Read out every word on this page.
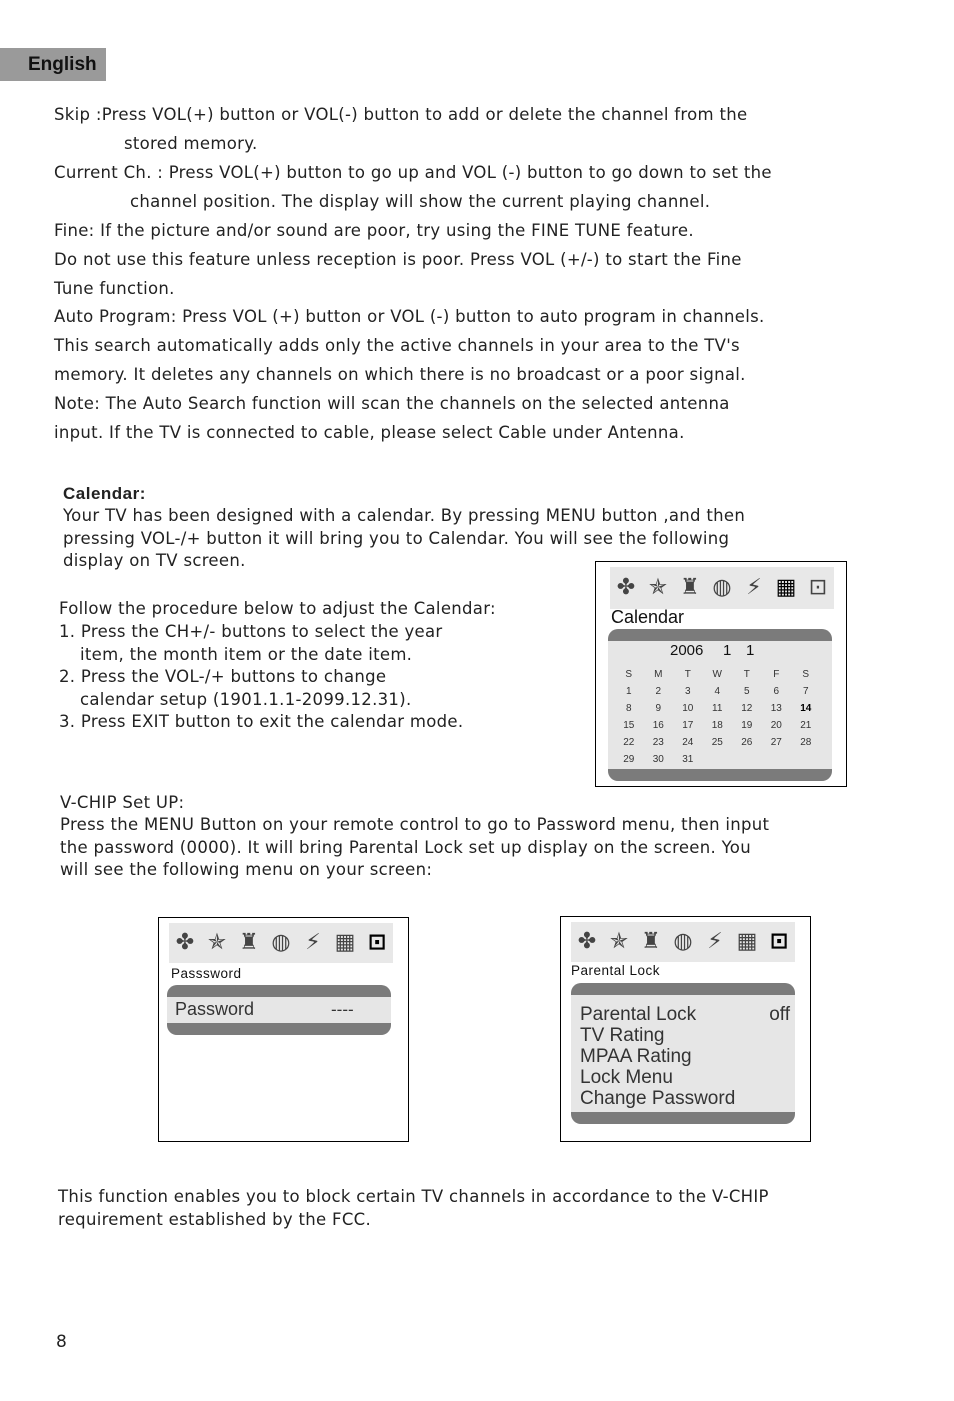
English
Skip :Press VOL(+) button or VOL(-) button to add or delete the channel from the
stored memory.
Current Ch. : Press VOL(+) button to go up and VOL (-) button to go down to set the
channel position. The display will show the current playing channel.
Fine: If the picture and/or sound are poor, try using the FINE TUNE feature.
Do not use this feature unless reception is poor. Press VOL (+/-) to start the Fine
Tune function.
Auto Program: Press VOL (+) button or VOL (-) button to auto program in channels.
This search automatically adds only the active channels in your area to the TV's
memory. It deletes any channels on which there is no broadcast or a poor signal.
Note: The Auto Search function will scan the channels on the selected antenna
input. If the TV is connected to cable, please select Cable under Antenna.
Calendar:
Your TV has been designed with a calendar. By pressing MENU button ,and then
pressing VOL-/+ button it will bring you to Calendar. You will see the following
display on TV screen.
Follow the procedure below to adjust the Calendar:
1. Press the CH+/- buttons to select the year
item, the month item or the date item.
2. Press the VOL-/+ buttons to change
calendar setup (1901.1.1-2099.12.31).
3. Press EXIT button to exit the calendar mode.
✤ ✯ ♜ ◍ ⚡ ▦ ⊡
Calendar
2006 1 1
S	M	T	W	T	F	S
1	2	3	4	5	6	7
8	9	10	11	12	13	14
15	16	17	18	19	20	21
22	23	24	25	26	27	28
29	30	31				
V-CHIP Set UP:
Press the MENU Button on your remote control to go to Password menu, then input
the password (0000). It will bring Parental Lock set up display on the screen. You
will see the following menu on your screen:
✤ ✯ ♜ ◍ ⚡ ▦ ⊡
Passsword
Password	----
✤ ✯ ♜ ◍ ⚡ ▦ ⊡
Parental Lock
Parental Lock	off
TV Rating
MPAA Rating
Lock Menu
Change Password
This function enables you to block certain TV channels in accordance to the V-CHIP
requirement established by the FCC.
8
